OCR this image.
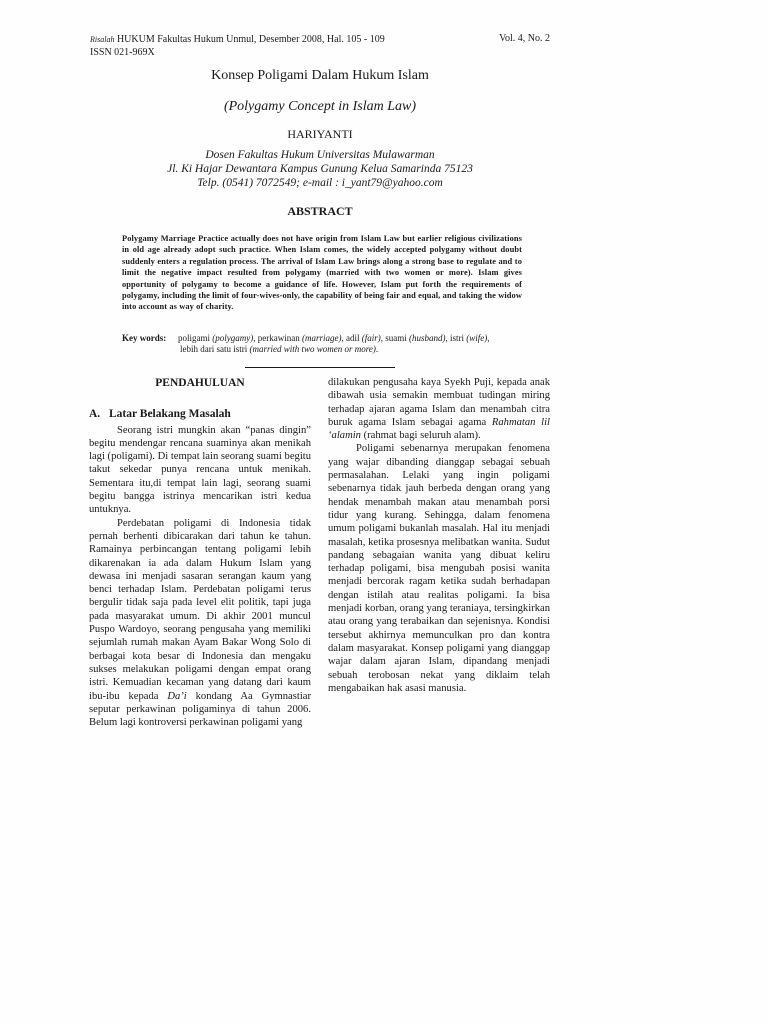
Risalah HUKUM Fakultas Hukum Unmul, Desember 2008, Hal. 105 - 109
ISSN 021-969X
Vol. 4, No. 2
Konsep Poligami Dalam Hukum Islam
(Polygamy Concept in Islam Law)
HARIYANTI
Dosen Fakultas Hukum Universitas Mulawarman
Jl. Ki Hajar Dewantara Kampus Gunung Kelua Samarinda 75123
Telp. (0541) 7072549; e-mail : i_yant79@yahoo.com
ABSTRACT
Polygamy Marriage Practice actually does not have origin from Islam Law but earlier religious civilizations in old age already adopt such practice. When Islam comes, the widely accepted polygamy without doubt suddenly enters a regulation process. The arrival of Islam Law brings along a strong base to regulate and to limit the negative impact resulted from polygamy (married with two women or more). Islam gives opportunity of polygamy to become a guidance of life. However, Islam put forth the requirements of polygamy, including the limit of four-wives-only, the capability of being fair and equal, and taking the widow into account as way of charity.
Key words: poligami (polygamy), perkawinan (marriage), adil (fair), suami (husband), istri (wife),
lebih dari satu istri (married with two women or more).
PENDAHULUAN
A. Latar Belakang Masalah

Seorang istri mungkin akan “panas dingin” begitu mendengar rencana suaminya akan menikah lagi (poligami). Di tempat lain seorang suami begitu takut sekedar punya rencana untuk menikah. Sementara itu,di tempat lain lagi, seorang suami begitu bangga istrinya mencarikan istri kedua untuknya.

Perdebatan poligami di Indonesia tidak pernah berhenti dibicarakan dari tahun ke tahun. Ramainya perbincangan tentang poligami lebih dikarenakan ia ada dalam Hukum Islam yang dewasa ini menjadi sasaran serangan kaum yang benci terhadap Islam. Perdebatan poligami terus bergulir tidak saja pada level elit politik, tapi juga pada masyarakat umum. Di akhir 2001 muncul Puspo Wardoyo, seorang pengusaha yang memiliki sejumlah rumah makan Ayam Bakar Wong Solo di berbagai kota besar di Indonesia dan mengaku sukses melakukan poligami dengan empat orang istri. Kemuadian kecaman yang datang dari kaum ibu-ibu kepada Da’i kondang Aa Gymnastiar seputar perkawinan poligaminya di tahun 2006. Belum lagi kontroversi perkawinan poligami yang

dilakukan pengusaha kaya Syekh Puji, kepada anak dibawah usia semakin membuat tudingan miring terhadap ajaran agama Islam dan menambah citra buruk agama Islam sebagai agama Rahmatan lil ‘alamin (rahmat bagi seluruh alam).

Poligami sebenarnya merupakan fenomena yang wajar dibanding dianggap sebagai sebuah permasalahan. Lelaki yang ingin poligami sebenarnya tidak jauh berbeda dengan orang yang hendak menambah makan atau menambah porsi tidur yang kurang. Sehingga, dalam fenomena umum poligami bukanlah masalah. Hal itu menjadi masalah, ketika prosesnya melibatkan wanita. Sudut pandang sebagaian wanita yang dibuat keliru terhadap poligami, bisa mengubah posisi wanita menjadi bercorak ragam ketika sudah berhadapan dengan istilah atau realitas poligami. Ia bisa menjadi korban, orang yang teraniaya, tersingkirkan atau orang yang terabaikan dan sejenisnya. Kondisi tersebut akhirnya memunculkan pro dan kontra dalam masyarakat. Konsep poligami yang dianggap wajar dalam ajaran Islam, dipandang menjadi sebuah terobosan nekat yang diklaim telah mengabaikan hak asasi manusia.
